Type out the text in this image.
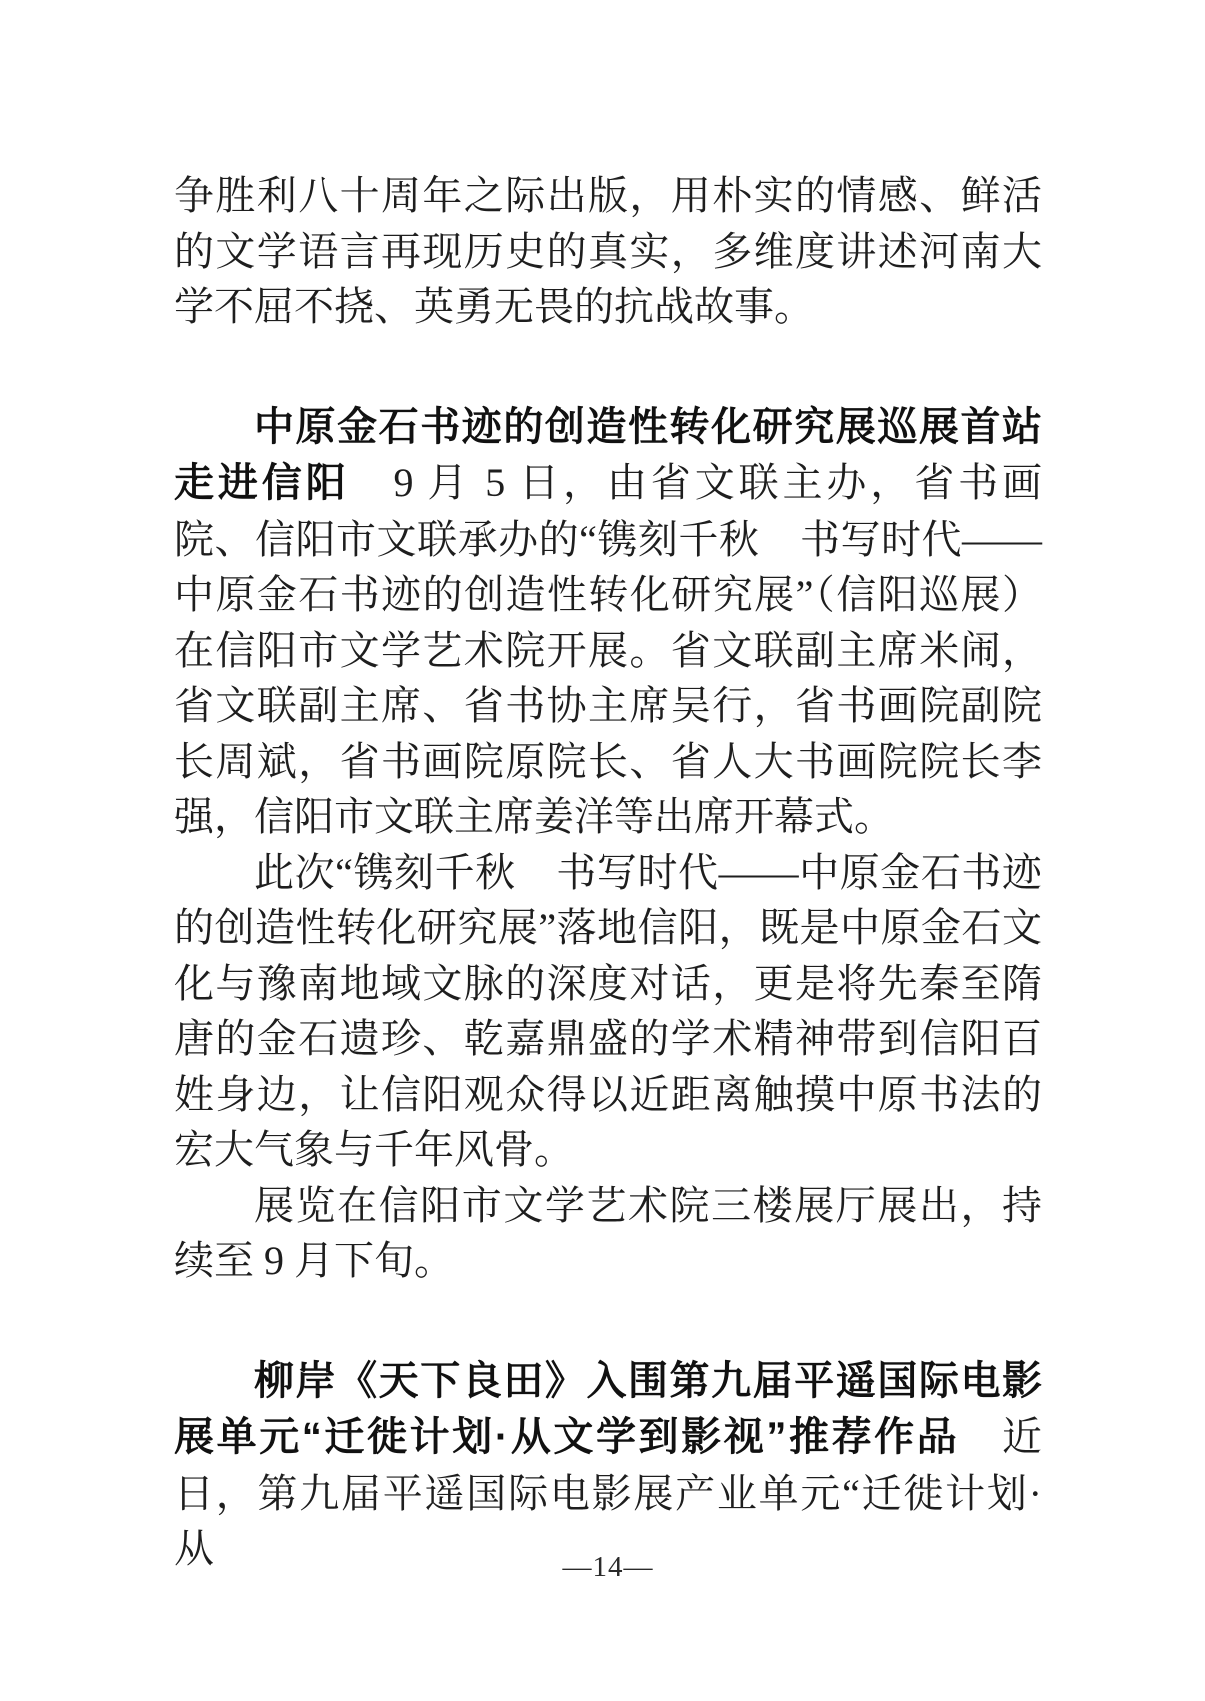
争胜利八十周年之际出版，用朴实的情感、鲜活的文学语言再现历史的真实，多维度讲述河南大学不屈不挠、英勇无畏的抗战故事。

中原金石书迹的创造性转化研究展巡展首站走进信阳　9 月 5 日，由省文联主办，省书画院、信阳市文联承办的“镌刻千秋　书写时代——中原金石书迹的创造性转化研究展”（信阳巡展）在信阳市文学艺术院开展。省文联副主席米闹，省文联副主席、省书协主席吴行，省书画院副院长周斌，省书画院原院长、省人大书画院院长李强，信阳市文联主席姜洋等出席开幕式。

此次“镌刻千秋　书写时代——中原金石书迹的创造性转化研究展”落地信阳，既是中原金石文化与豫南地域文脉的深度对话，更是将先秦至隋唐的金石遗珍、乾嘉鼎盛的学术精神带到信阳百姓身边，让信阳观众得以近距离触摸中原书法的宏大气象与千年风骨。

展览在信阳市文学艺术院三楼展厅展出，持续至 9 月下旬。

柳岸《天下良田》入围第九届平遥国际电影展单元“迁徙计划·从文学到影视”推荐作品　近日，第九届平遥国际电影展产业单元“迁徙计划·从	—14—
